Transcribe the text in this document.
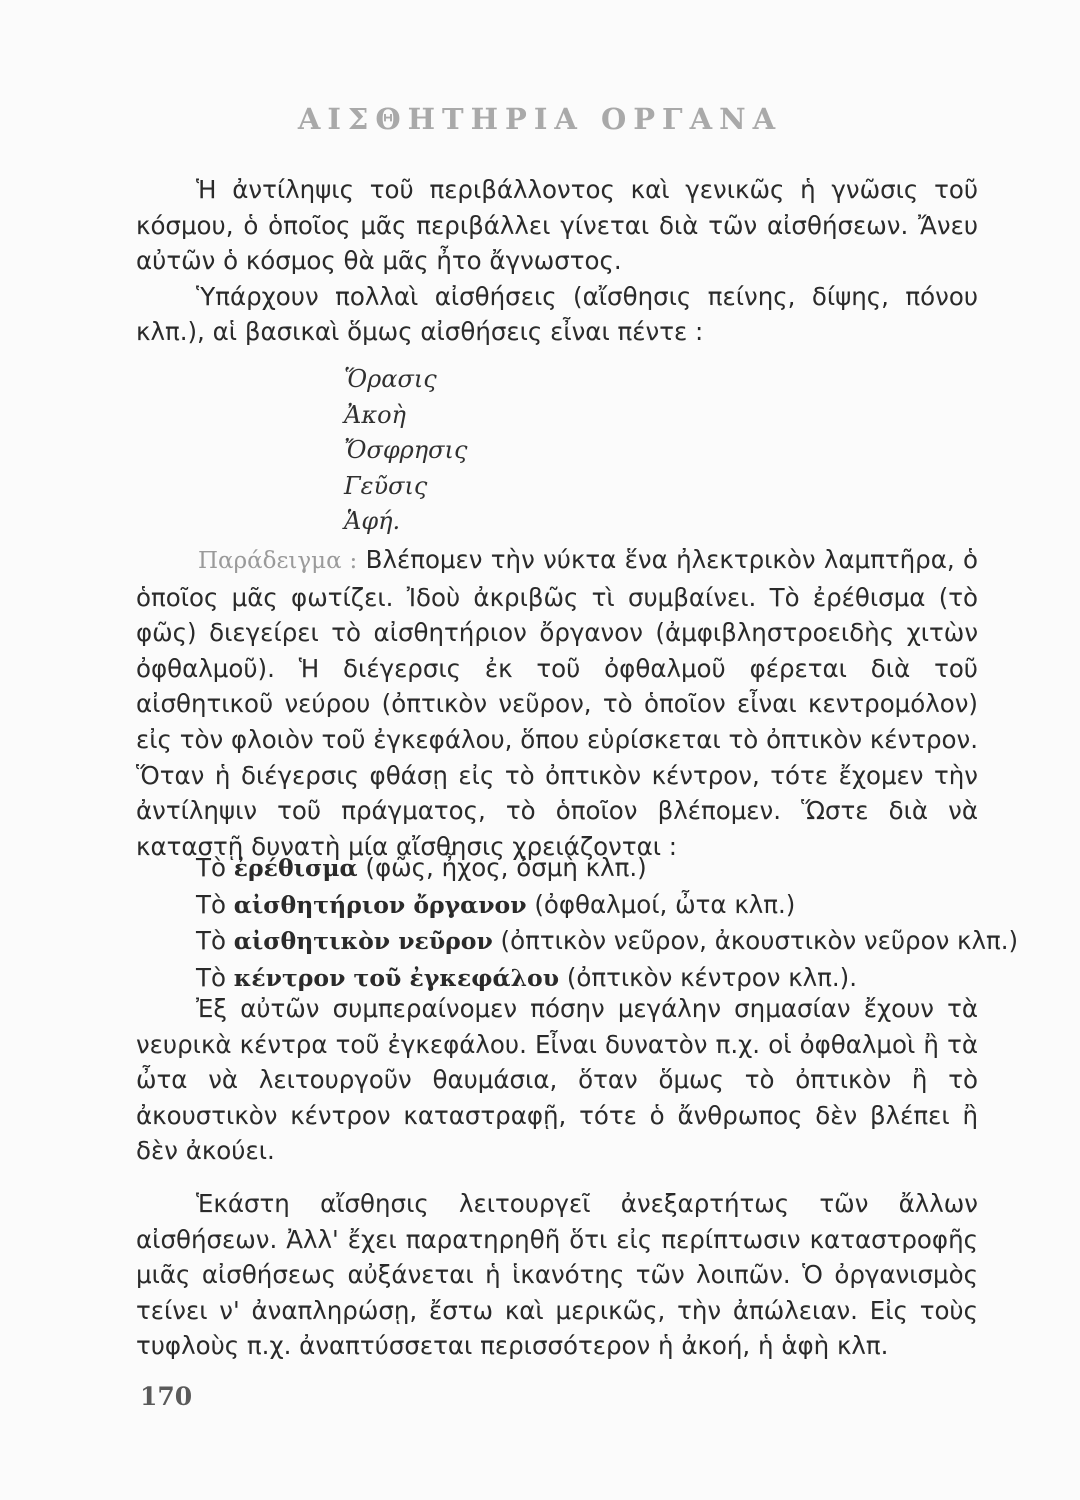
ΑΙΣΘΗΤΗΡΙΑ ΟΡΓΑΝΑ

Ἡ ἀντίληψις τοῦ περιβάλλοντος καὶ γενικῶς ἡ γνῶσις τοῦ κόσμου, ὁ ὁποῖος μᾶς περιβάλλει γίνεται διὰ τῶν αἰσθήσεων. Ἄνευ αὐτῶν ὁ κόσμος θὰ μᾶς ἦτο ἄγνωστος.

Ὑπάρχουν πολλαὶ αἰσθήσεις (αἴσθησις πείνης, δίψης, πόνου κλπ.), αἱ βασικαὶ ὅμως αἰσθήσεις εἶναι πέντε :

Ὅρασις
Ἀκοὴ
Ὄσφρησις
Γεῦσις
Ἁφή.

Παράδειγμα : Βλέπομεν τὴν νύκτα ἕνα ἠλεκτρικὸν λαμπτῆρα, ὁ ὁποῖος μᾶς φωτίζει. Ἰδοὺ ἀκριβῶς τὶ συμβαίνει. Τὸ ἐρέθισμα (τὸ φῶς) διεγείρει τὸ αἰσθητήριον ὄργανον (ἀμφιβληστροειδὴς χιτὼν ὀφθαλμοῦ). Ἡ διέγερσις ἐκ τοῦ ὀφθαλμοῦ φέρεται διὰ τοῦ αἰσθητικοῦ νεύρου (ὀπτικὸν νεῦρον, τὸ ὁποῖον εἶναι κεντρομόλον) εἰς τὸν φλοιὸν τοῦ ἐγκεφάλου, ὅπου εὑρίσκεται τὸ ὀπτικὸν κέντρον. Ὅταν ἡ διέγερσις φθάσῃ εἰς τὸ ὀπτικὸν κέντρον, τότε ἔχομεν τὴν ἀντίληψιν τοῦ πράγματος, τὸ ὁποῖον βλέπομεν. Ὥστε διὰ νὰ καταστῇ δυνατὴ μία αἴσθησις χρειάζονται :

Τὸ ἐρέθισμα (φῶς, ἦχος, ὀσμὴ κλπ.)
Τὸ αἰσθητήριον ὄργανον (ὀφθαλμοί, ὦτα κλπ.)
Τὸ αἰσθητικὸν νεῦρον (ὀπτικὸν νεῦρον, ἀκουστικὸν νεῦρον κλπ.)
Τὸ κέντρον τοῦ ἐγκεφάλου (ὀπτικὸν κέντρον κλπ.).

Ἐξ αὐτῶν συμπεραίνομεν πόσην μεγάλην σημασίαν ἔχουν τὰ νευρικὰ κέντρα τοῦ ἐγκεφάλου. Εἶναι δυνατὸν π.χ. οἱ ὀφθαλμοὶ ἢ τὰ ὦτα νὰ λειτουργοῦν θαυμάσια, ὅταν ὅμως τὸ ὀπτικὸν ἢ τὸ ἀκουστικὸν κέντρον καταστραφῇ, τότε ὁ ἄνθρωπος δὲν βλέπει ἢ δὲν ἀκούει.

Ἑκάστη αἴσθησις λειτουργεῖ ἀνεξαρτήτως τῶν ἄλλων αἰσθήσεων. Ἀλλ' ἔχει παρατηρηθῆ ὅτι εἰς περίπτωσιν καταστροφῆς μιᾶς αἰσθήσεως αὐξάνεται ἡ ἱκανότης τῶν λοιπῶν. Ὁ ὀργανισμὸς τείνει ν' ἀναπληρώσῃ, ἔστω καὶ μερικῶς, τὴν ἀπώλειαν. Εἰς τοὺς τυφλοὺς π.χ. ἀναπτύσσεται περισσότερον ἡ ἀκοή, ἡ ἁφὴ κλπ.

170
